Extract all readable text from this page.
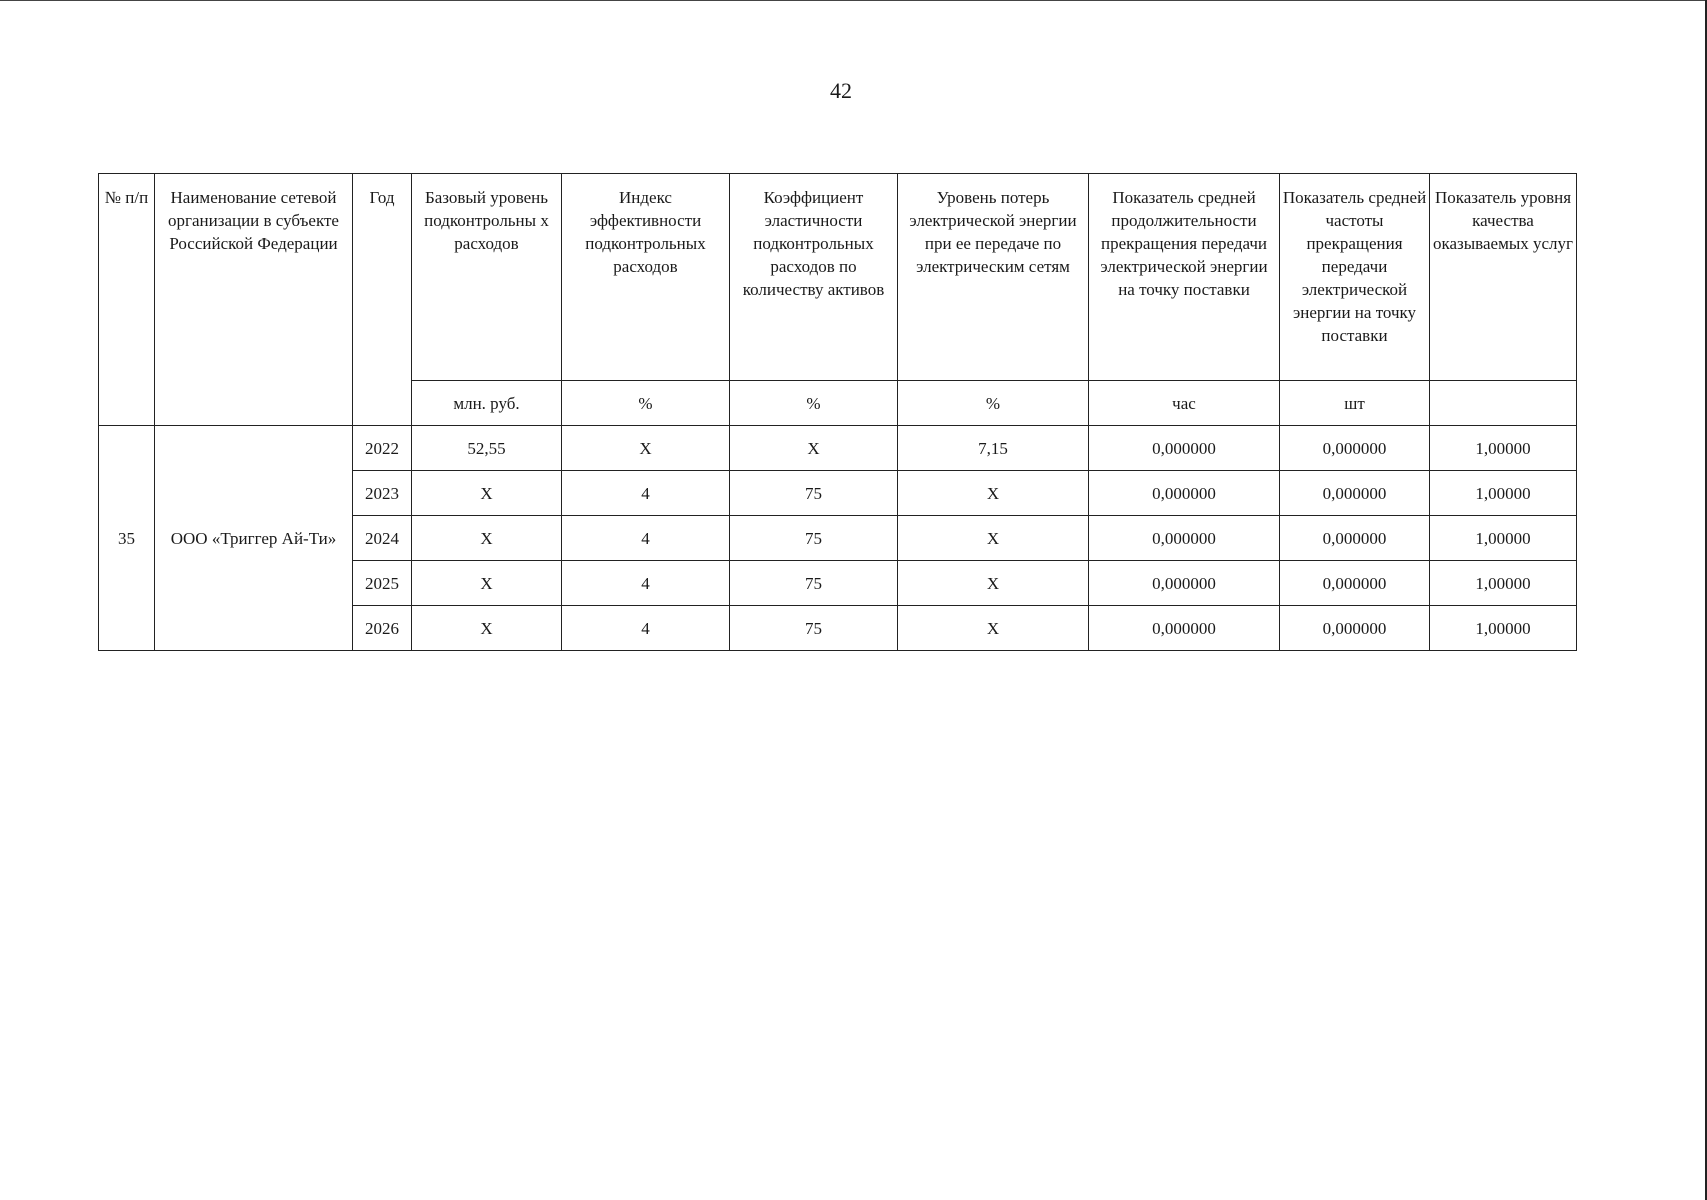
42
№ п/п	Наименование сетевой организации в субъекте Российской Федерации	Год	Базовый уровень подконтрольны х расходов	Индекс эффективности подконтрольных расходов	Коэффициент эластичности подконтрольных расходов по количеству активов	Уровень потерь электрической энергии при ее передаче по электрическим сетям	Показатель средней продолжительности прекращения передачи электрической энергии на точку поставки	Показатель средней частоты прекращения передачи электрической энергии на точку поставки	Показатель уровня качества оказываемых услуг
			млн. руб.	%	%	%	час	шт	
35	ООО «Триггер Ай-Ти»	2022	52,55	X	X	7,15	0,000000	0,000000	1,00000
		2023	X	4	75	X	0,000000	0,000000	1,00000
		2024	X	4	75	X	0,000000	0,000000	1,00000
		2025	X	4	75	X	0,000000	0,000000	1,00000
		2026	X	4	75	X	0,000000	0,000000	1,00000
